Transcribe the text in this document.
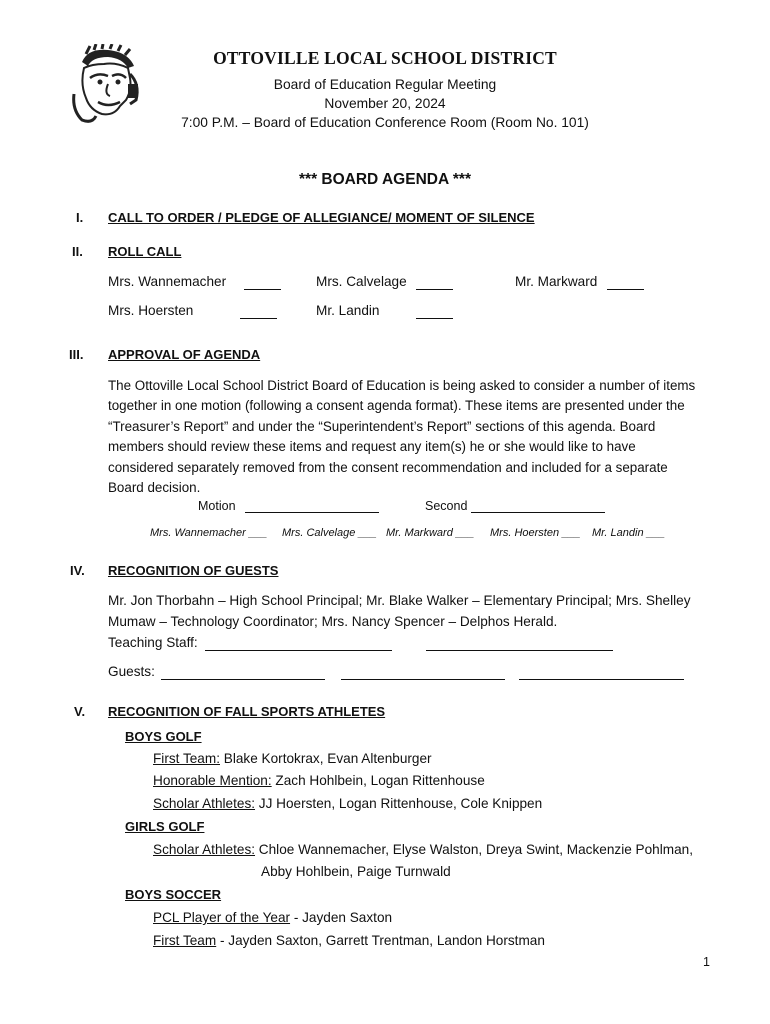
OTTOVILLE LOCAL SCHOOL DISTRICT
Board of Education Regular Meeting
November 20, 2024
7:00 P.M. – Board of Education Conference Room (Room No. 101)
*** BOARD AGENDA ***
I. CALL TO ORDER / PLEDGE OF ALLEGIANCE/ MOMENT OF SILENCE
II. ROLL CALL
Mrs. Wannemacher	Mrs. Calvelage	Mr. Markward
Mrs. Hoersten	Mr. Landin
III. APPROVAL OF AGENDA
The Ottoville Local School District Board of Education is being asked to consider a number of items
together in one motion (following a consent agenda format). These items are presented under the
“Treasurer’s Report” and under the “Superintendent’s Report” sections of this agenda. Board
members should review these items and request any item(s) he or she would like to have
considered separately removed from the consent recommendation and included for a separate
Board decision.
Motion	Second
Mrs. Wannemacher ___ Mrs. Calvelage ___ Mr. Markward ___ Mrs. Hoersten ___ Mr. Landin ___
IV. RECOGNITION OF GUESTS
Mr. Jon Thorbahn – High School Principal; Mr. Blake Walker – Elementary Principal; Mrs. Shelley
Mumaw – Technology Coordinator; Mrs. Nancy Spencer – Delphos Herald.
Teaching Staff:
Guests:
V. RECOGNITION OF FALL SPORTS ATHLETES
BOYS GOLF
First Team: Blake Kortokrax, Evan Altenburger
Honorable Mention: Zach Hohlbein, Logan Rittenhouse
Scholar Athletes: JJ Hoersten, Logan Rittenhouse, Cole Knippen
GIRLS GOLF
Scholar Athletes: Chloe Wannemacher, Elyse Walston, Dreya Swint, Mackenzie Pohlman,
Abby Hohlbein, Paige Turnwald
BOYS SOCCER
PCL Player of the Year - Jayden Saxton
First Team - Jayden Saxton, Garrett Trentman, Landon Horstman
1
